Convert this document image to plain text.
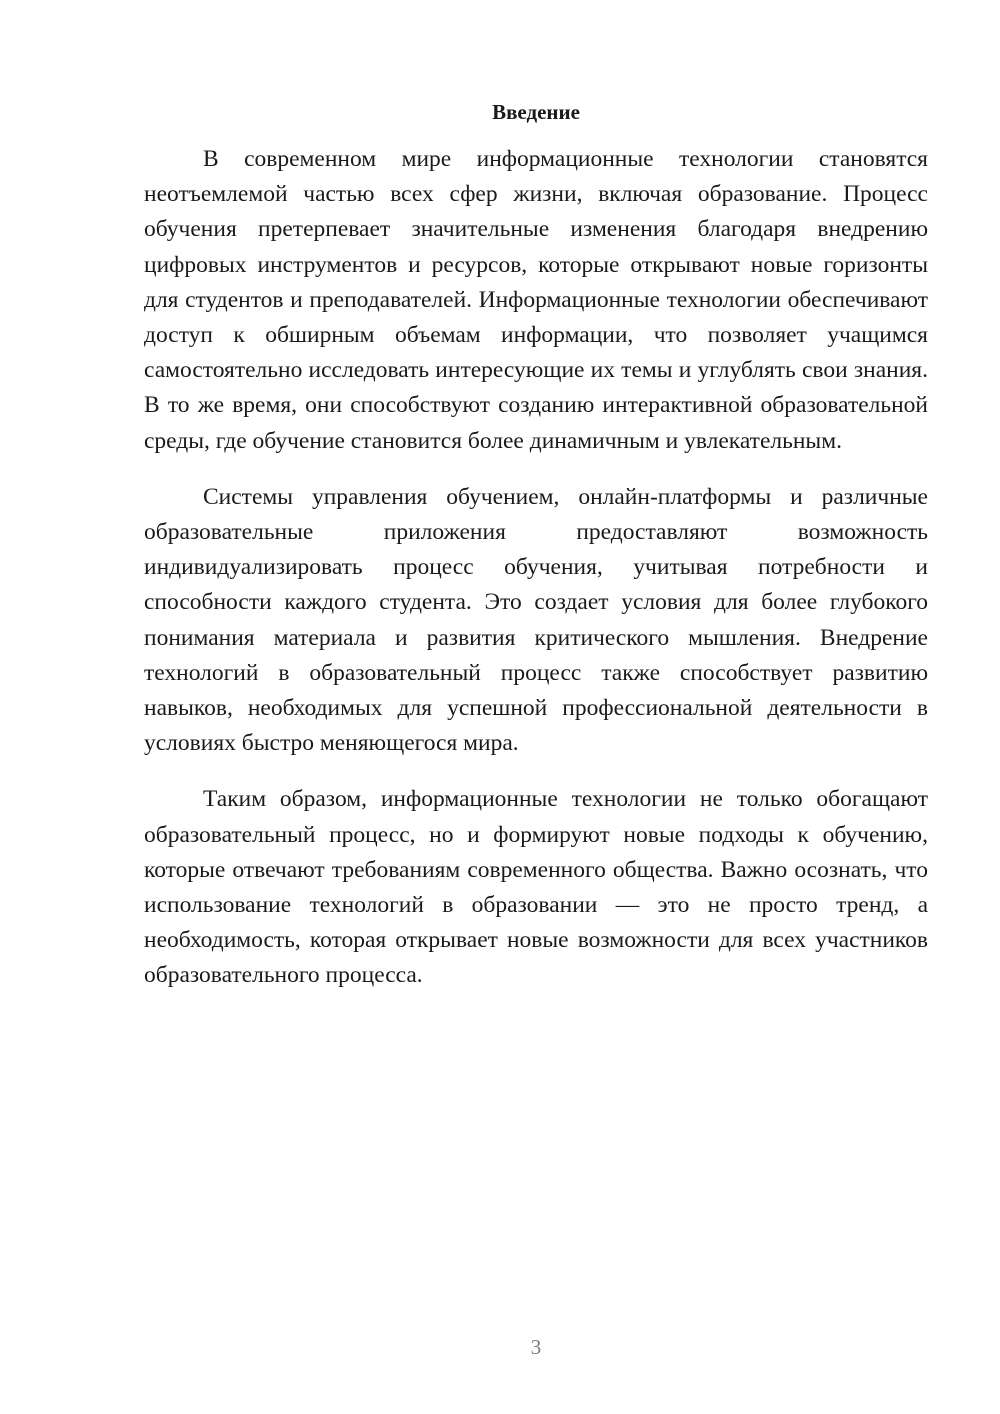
Введение

В современном мире информационные технологии становятся неотъемлемой частью всех сфер жизни, включая образование. Процесс обучения претерпевает значительные изменения благодаря внедрению цифровых инструментов и ресурсов, которые открывают новые горизонты для студентов и преподавателей. Информационные технологии обеспечивают доступ к обширным объемам информации, что позволяет учащимся самостоятельно исследовать интересующие их темы и углублять свои знания. В то же время, они способствуют созданию интерактивной образовательной среды, где обучение становится более динамичным и увлекательным.

Системы управления обучением, онлайн-платформы и различные образовательные приложения предоставляют возможность индивидуализировать процесс обучения, учитывая потребности и способности каждого студента. Это создает условия для более глубокого понимания материала и развития критического мышления. Внедрение технологий в образовательный процесс также способствует развитию навыков, необходимых для успешной профессиональной деятельности в условиях быстро меняющегося мира.

Таким образом, информационные технологии не только обогащают образовательный процесс, но и формируют новые подходы к обучению, которые отвечают требованиям современного общества. Важно осознать, что использование технологий в образовании — это не просто тренд, а необходимость, которая открывает новые возможности для всех участников образовательного процесса.

3
